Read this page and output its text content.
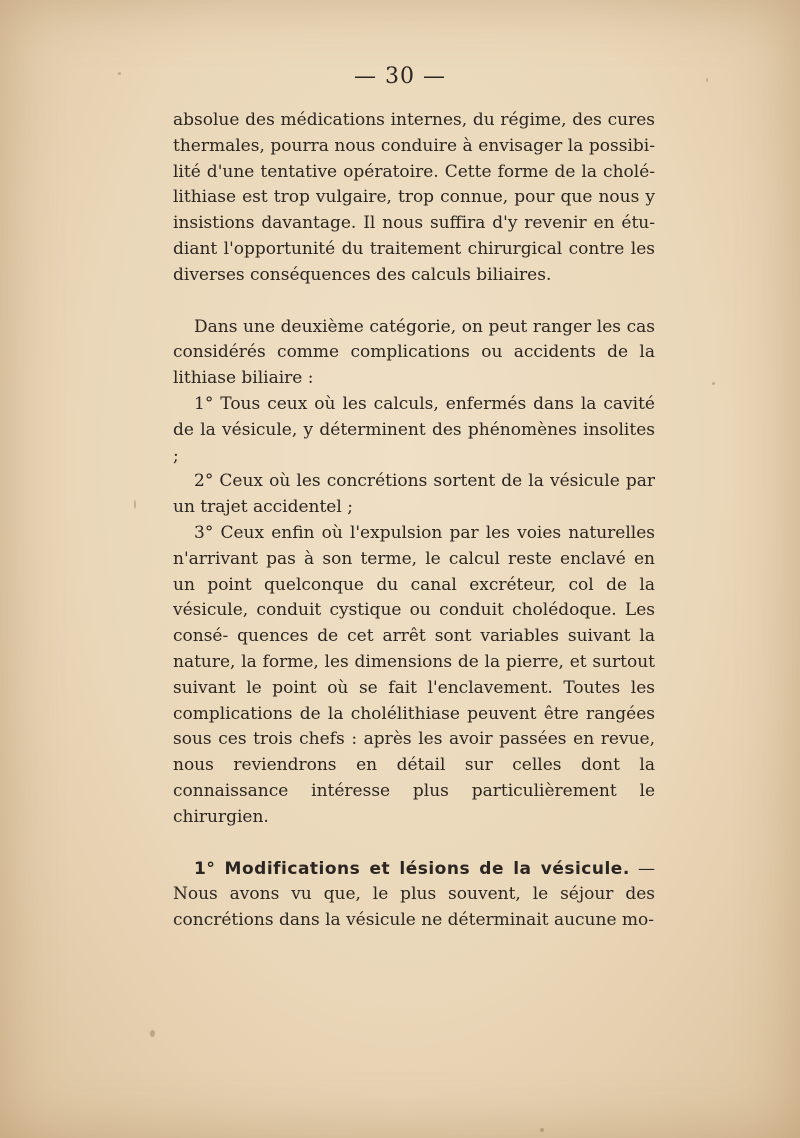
— 30 —

absolue des médications internes, du régime, des cures thermales, pourra nous conduire à envisager la possibi- lité d'une tentative opératoire. Cette forme de la cholé- lithiase est trop vulgaire, trop connue, pour que nous y insistions davantage. Il nous suffira d'y revenir en étu- diant l'opportunité du traitement chirurgical contre les diverses conséquences des calculs biliaires.

Dans une deuxième catégorie, on peut ranger les cas considérés comme complications ou accidents de la lithiase biliaire :

1° Tous ceux où les calculs, enfermés dans la cavité de la vésicule, y déterminent des phénomènes insolites ;

2° Ceux où les concrétions sortent de la vésicule par un trajet accidentel ;

3° Ceux enfin où l'expulsion par les voies naturelles n'arrivant pas à son terme, le calcul reste enclavé en un point quelconque du canal excréteur, col de la vésicule, conduit cystique ou conduit cholédoque. Les consé- quences de cet arrêt sont variables suivant la nature, la forme, les dimensions de la pierre, et surtout suivant le point où se fait l'enclavement. Toutes les complications de la cholélithiase peuvent être rangées sous ces trois chefs : après les avoir passées en revue, nous reviendrons en détail sur celles dont la connaissance intéresse plus particulièrement le chirurgien.

1° Modifications et lésions de la vésicule. — Nous avons vu que, le plus souvent, le séjour des concrétions dans la vésicule ne déterminait aucune mo-
